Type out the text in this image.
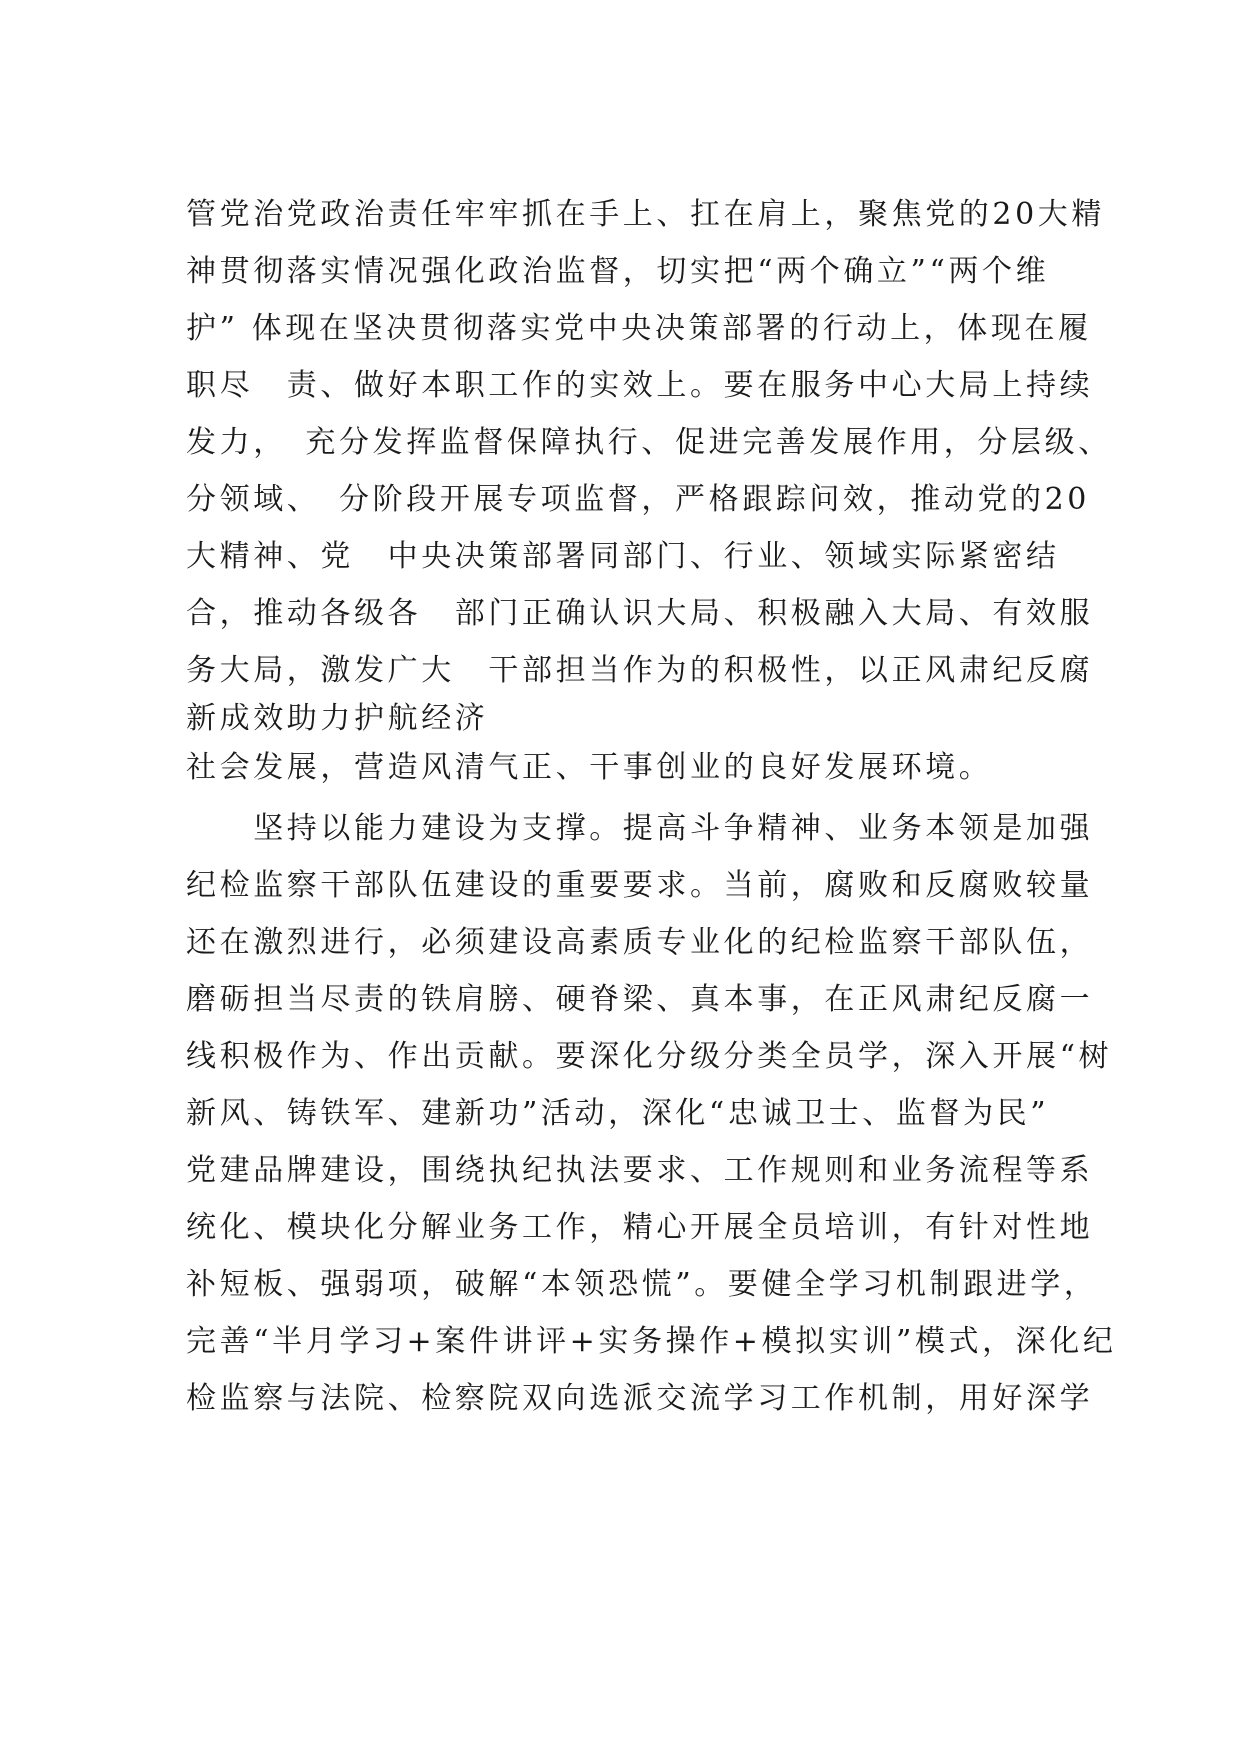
管党治党政治责任牢牢抓在手上、扛在肩上，聚焦党的20大精
神贯彻落实情况强化政治监督，切实把“两个确立”“两个维
护” 体现在坚决贯彻落实党中央决策部署的行动上，体现在履
职尽　责、做好本职工作的实效上。要在服务中心大局上持续
发力，　充分发挥监督保障执行、促进完善发展作用，分层级、
分领域、　分阶段开展专项监督，严格跟踪问效，推动党的20
大精神、党　中央决策部署同部门、行业、领域实际紧密结
合，推动各级各　部门正确认识大局、积极融入大局、有效服
务大局，激发广大　干部担当作为的积极性，以正风肃纪反腐
新成效助力护航经济
社会发展，营造风清气正、干事创业的良好发展环境。
　　坚持以能力建设为支撑。提高斗争精神、业务本领是加强
纪检监察干部队伍建设的重要要求。当前，腐败和反腐败较量
还在激烈进行，必须建设高素质专业化的纪检监察干部队伍，
磨砺担当尽责的铁肩膀、硬脊梁、真本事，在正风肃纪反腐一
线积极作为、作出贡献。要深化分级分类全员学，深入开展“树
新风、铸铁军、建新功”活动，深化“忠诚卫士、监督为民”
党建品牌建设，围绕执纪执法要求、工作规则和业务流程等系
统化、模块化分解业务工作，精心开展全员培训，有针对性地
补短板、强弱项，破解“本领恐慌”。要健全学习机制跟进学，
完善“半月学习+案件讲评+实务操作+模拟实训”模式，深化纪
检监察与法院、检察院双向选派交流学习工作机制，用好深学
